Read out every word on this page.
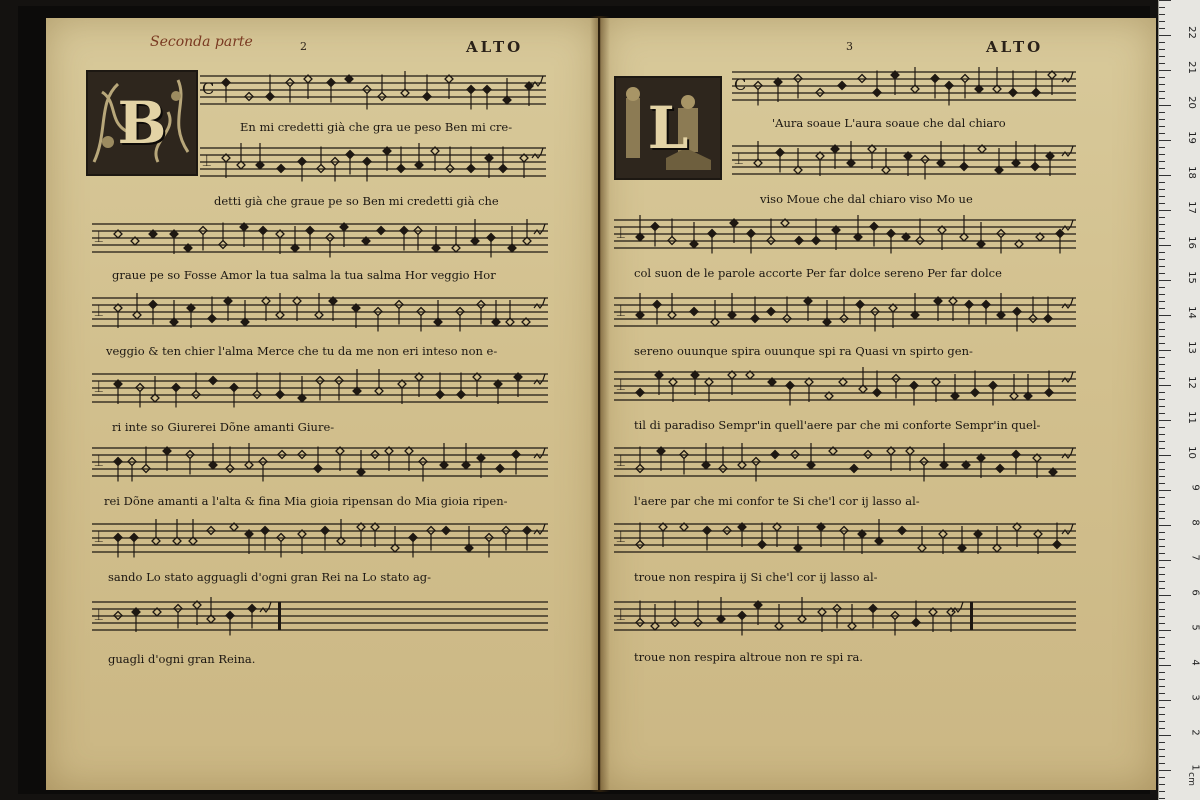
Seconda parte	2	ALTO	3	ALTO
B	L
C
⌶
⌶
⌶
⌶
⌶
⌶
⌶
C
⌶
⌶
⌶
⌶
⌶
⌶
⌶
En mi credetti già che gra ue peso Ben mi cre-
detti già che graue pe so Ben mi credetti già che
graue pe so Fosse Amor la tua salma la tua salma Hor veggio Hor
veggio & ten chier l'alma Merce che tu da me non eri inteso non e-
ri inte so Giurerei Dõne amanti Giure-
rei Dõne amanti a l'alta & fina Mia gioia ripensan do Mia gioia ripen-
sando Lo stato agguagli d'ogni gran Rei na Lo stato ag-
guagli d'ogni gran Reina.
'Aura soaue L'aura soaue che dal chiaro
viso Moue che dal chiaro viso Mo ue
col suon de le parole accorte Per far dolce sereno Per far dolce
sereno ouunque spira ouunque spi ra Quasi vn spirto gen-
til di paradiso Sempr'in quell'aere par che mi conforte Sempr'in quel-
l'aere par che mi confor te Si che'l cor ij lasso al-
troue non respira ij Si che'l cor ij lasso al-
troue non respira altroue non re spi ra.
1
2
3
4
5
6
7
8
9
10
11
12
13
14
15
16
17
18
19
20
21
22
cm
